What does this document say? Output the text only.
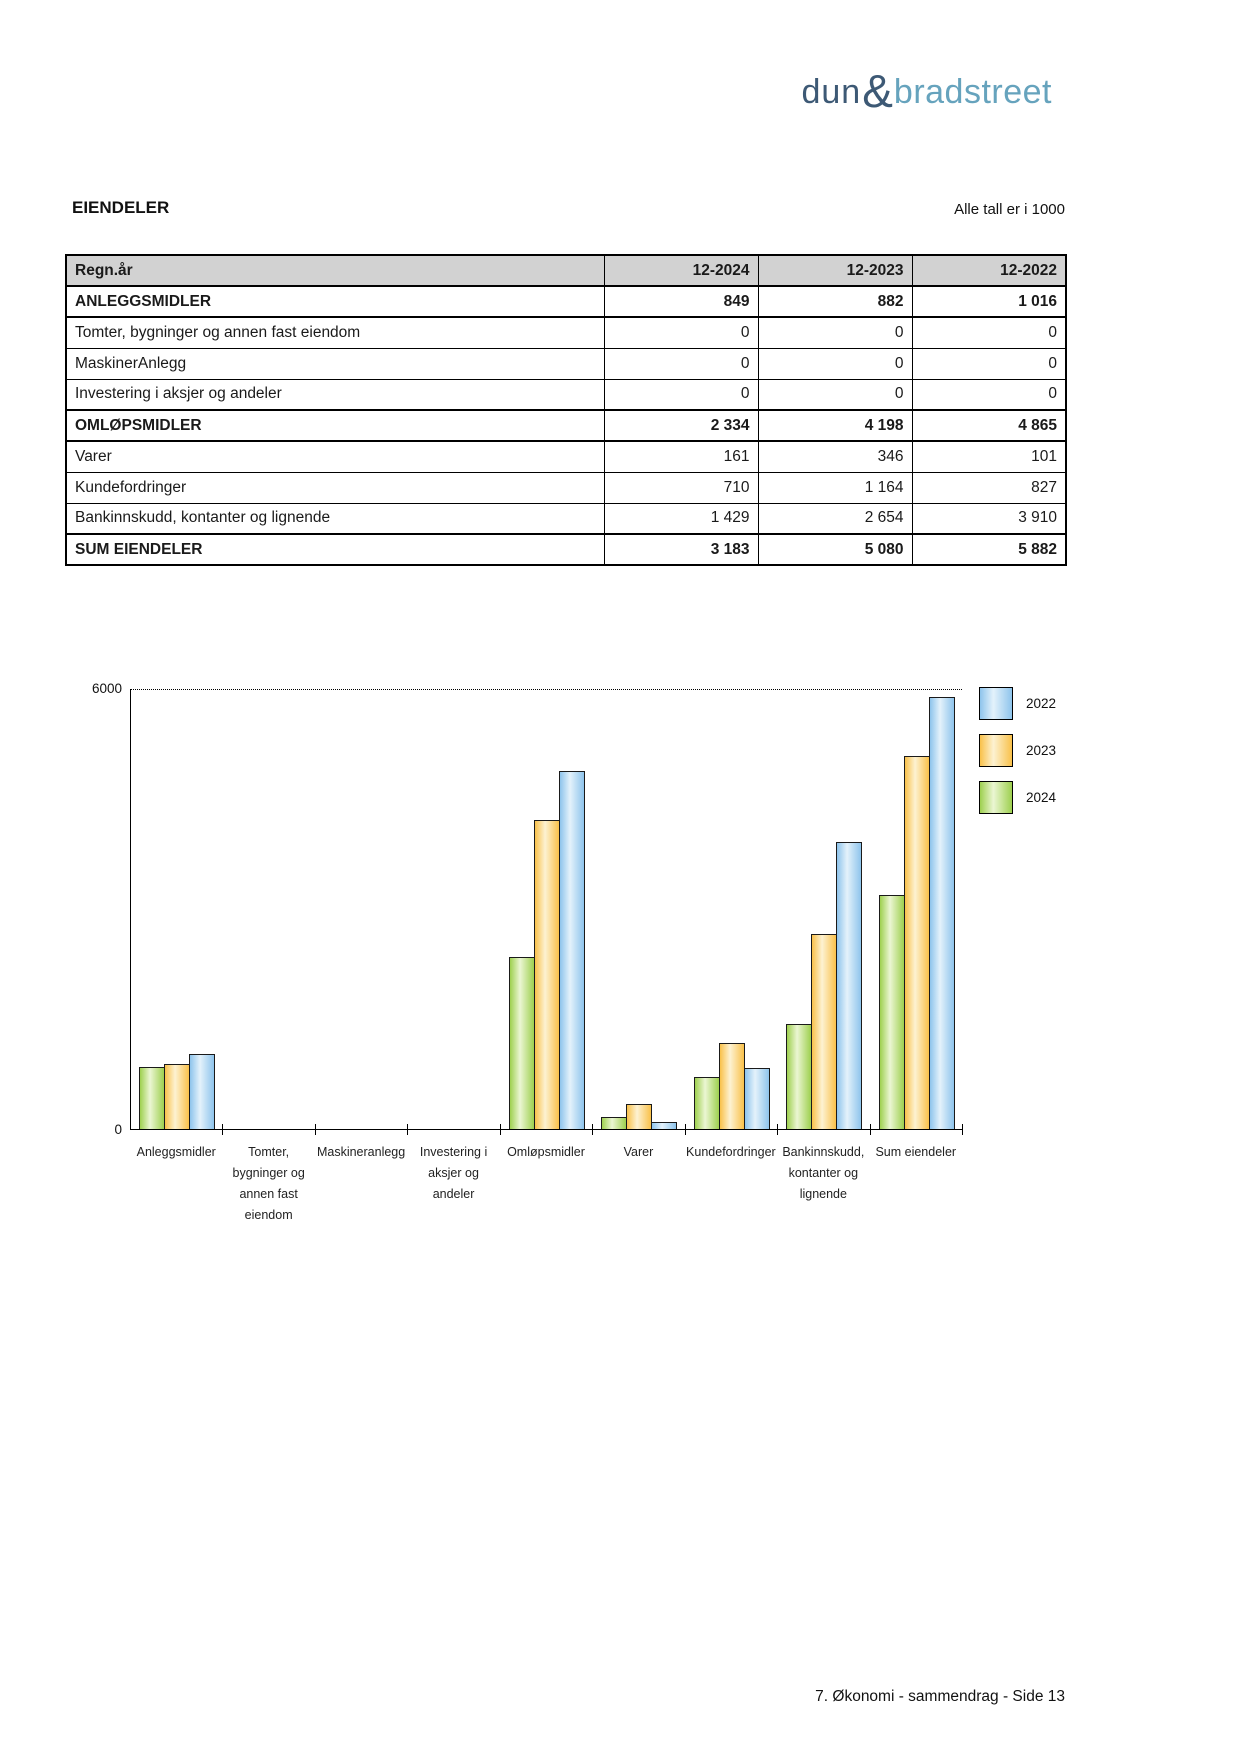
dun&bradstreet
EIENDELER	Alle tall er i 1000
Regn.år	12-2024	12-2023	12-2022
ANLEGGSMIDLER	849	882	1 016
Tomter, bygninger og annen fast eiendom	0	0	0
MaskinerAnlegg	0	0	0
Investering i aksjer og andeler	0	0	0
OMLØPSMIDLER	2 334	4 198	4 865
Varer	161	346	101
Kundefordringer	710	1 164	827
Bankinnskudd, kontanter og lignende	1 429	2 654	3 910
SUM EIENDELER	3 183	5 080	5 882
6000
0
Anleggsmidler	Tomter,
bygninger og
annen fast
eiendom
Maskineranlegg	Investering i
aksjer og
andeler
Omløpsmidler	Varer	Kundefordringer Bankinnskudd,
kontanter og
lignende
Sum eiendeler
2022
2023
2024
7. Økonomi - sammendrag - Side 13
